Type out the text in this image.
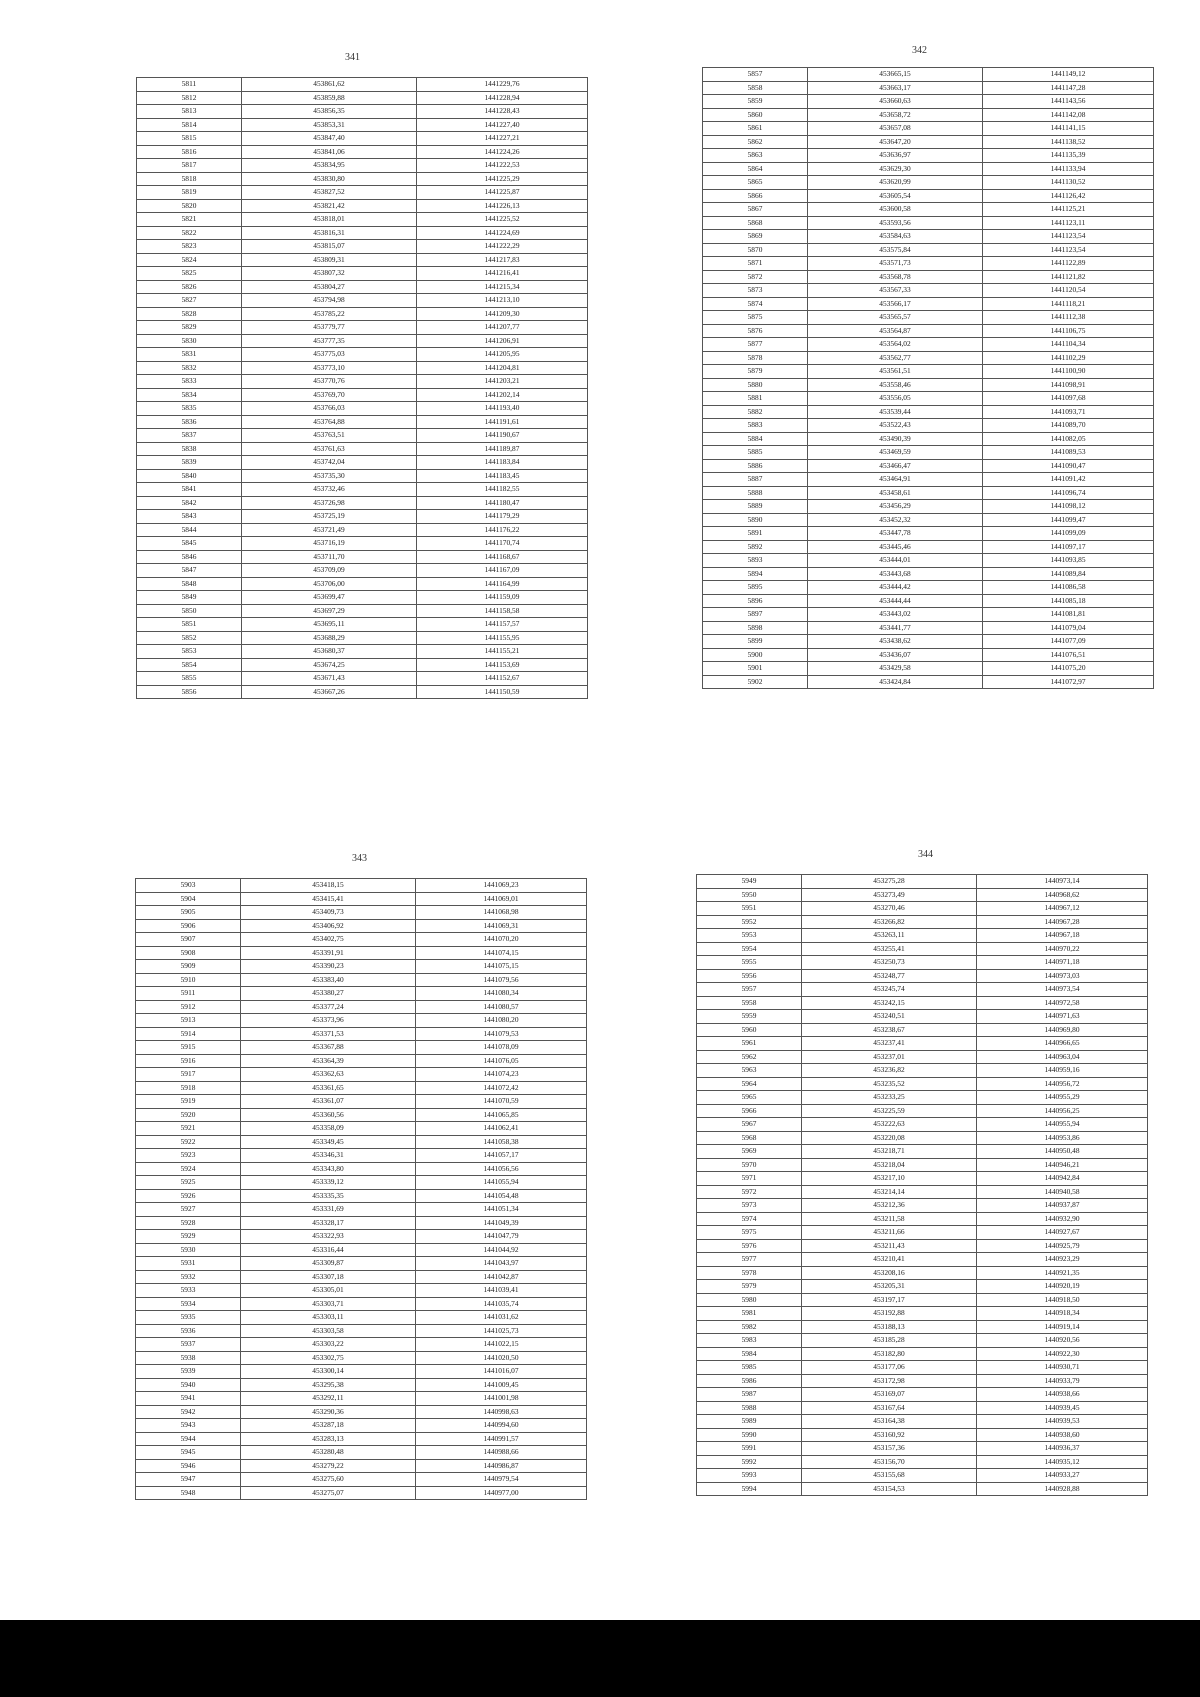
341
5811	453861,62	1441229,76
5812	453859,88	1441228,94
5813	453856,35	1441228,43
5814	453853,31	1441227,40
5815	453847,40	1441227,21
5816	453841,06	1441224,26
5817	453834,95	1441222,53
5818	453830,80	1441225,29
5819	453827,52	1441225,87
5820	453821,42	1441226,13
5821	453818,01	1441225,52
5822	453816,31	1441224,69
5823	453815,07	1441222,29
5824	453809,31	1441217,83
5825	453807,32	1441216,41
5826	453804,27	1441215,34
5827	453794,98	1441213,10
5828	453785,22	1441209,30
5829	453779,77	1441207,77
5830	453777,35	1441206,91
5831	453775,03	1441205,95
5832	453773,10	1441204,81
5833	453770,76	1441203,21
5834	453769,70	1441202,14
5835	453766,03	1441193,40
5836	453764,88	1441191,61
5837	453763,51	1441190,67
5838	453761,63	1441189,87
5839	453742,04	1441183,84
5840	453735,30	1441183,45
5841	453732,46	1441182,55
5842	453726,98	1441180,47
5843	453725,19	1441179,29
5844	453721,49	1441176,22
5845	453716,19	1441170,74
5846	453711,70	1441168,67
5847	453709,09	1441167,09
5848	453706,00	1441164,99
5849	453699,47	1441159,09
5850	453697,29	1441158,58
5851	453695,11	1441157,57
5852	453688,29	1441155,95
5853	453680,37	1441155,21
5854	453674,25	1441153,69
5855	453671,43	1441152,67
5856	453667,26	1441150,59
342
5857	453665,15	1441149,12
5858	453663,17	1441147,28
5859	453660,63	1441143,56
5860	453658,72	1441142,08
5861	453657,08	1441141,15
5862	453647,20	1441138,52
5863	453636,97	1441135,39
5864	453629,30	1441133,94
5865	453620,99	1441130,52
5866	453605,54	1441126,42
5867	453600,58	1441125,21
5868	453593,56	1441123,11
5869	453584,63	1441123,54
5870	453575,84	1441123,54
5871	453571,73	1441122,89
5872	453568,78	1441121,82
5873	453567,33	1441120,54
5874	453566,17	1441118,21
5875	453565,57	1441112,38
5876	453564,87	1441106,75
5877	453564,02	1441104,34
5878	453562,77	1441102,29
5879	453561,51	1441100,90
5880	453558,46	1441098,91
5881	453556,05	1441097,68
5882	453539,44	1441093,71
5883	453522,43	1441089,70
5884	453490,39	1441082,05
5885	453469,59	1441089,53
5886	453466,47	1441090,47
5887	453464,91	1441091,42
5888	453458,61	1441096,74
5889	453456,29	1441098,12
5890	453452,32	1441099,47
5891	453447,78	1441099,09
5892	453445,46	1441097,17
5893	453444,01	1441093,85
5894	453443,68	1441089,84
5895	453444,42	1441086,58
5896	453444,44	1441085,18
5897	453443,02	1441081,81
5898	453441,77	1441079,04
5899	453438,62	1441077,09
5900	453436,07	1441076,51
5901	453429,58	1441075,20
5902	453424,84	1441072,97
343
5903	453418,15	1441069,23
5904	453415,41	1441069,01
5905	453409,73	1441068,98
5906	453406,92	1441069,31
5907	453402,75	1441070,20
5908	453391,91	1441074,15
5909	453390,23	1441075,15
5910	453383,40	1441079,56
5911	453380,27	1441080,34
5912	453377,24	1441080,57
5913	453373,96	1441080,20
5914	453371,53	1441079,53
5915	453367,88	1441078,09
5916	453364,39	1441076,05
5917	453362,63	1441074,23
5918	453361,65	1441072,42
5919	453361,07	1441070,59
5920	453360,56	1441065,85
5921	453358,09	1441062,41
5922	453349,45	1441058,38
5923	453346,31	1441057,17
5924	453343,80	1441056,56
5925	453339,12	1441055,94
5926	453335,35	1441054,48
5927	453331,69	1441051,34
5928	453328,17	1441049,39
5929	453322,93	1441047,79
5930	453316,44	1441044,92
5931	453309,87	1441043,97
5932	453307,18	1441042,87
5933	453305,01	1441039,41
5934	453303,71	1441035,74
5935	453303,11	1441031,62
5936	453303,58	1441025,73
5937	453303,22	1441022,15
5938	453302,75	1441020,50
5939	453300,14	1441016,07
5940	453295,38	1441009,45
5941	453292,11	1441001,98
5942	453290,36	1440998,63
5943	453287,18	1440994,60
5944	453283,13	1440991,57
5945	453280,48	1440988,66
5946	453279,22	1440986,87
5947	453275,60	1440979,54
5948	453275,07	1440977,00
344
5949	453275,28	1440973,14
5950	453273,49	1440968,62
5951	453270,46	1440967,12
5952	453266,82	1440967,28
5953	453263,11	1440967,18
5954	453255,41	1440970,22
5955	453250,73	1440971,18
5956	453248,77	1440973,03
5957	453245,74	1440973,54
5958	453242,15	1440972,58
5959	453240,51	1440971,63
5960	453238,67	1440969,80
5961	453237,41	1440966,65
5962	453237,01	1440963,04
5963	453236,82	1440959,16
5964	453235,52	1440956,72
5965	453233,25	1440955,29
5966	453225,59	1440956,25
5967	453222,63	1440955,94
5968	453220,08	1440953,86
5969	453218,71	1440950,48
5970	453218,04	1440946,21
5971	453217,10	1440942,84
5972	453214,14	1440940,58
5973	453212,36	1440937,87
5974	453211,58	1440932,90
5975	453211,66	1440927,67
5976	453211,43	1440925,79
5977	453210,41	1440923,29
5978	453208,16	1440921,35
5979	453205,31	1440920,19
5980	453197,17	1440918,50
5981	453192,88	1440918,34
5982	453188,13	1440919,14
5983	453185,28	1440920,56
5984	453182,80	1440922,30
5985	453177,06	1440930,71
5986	453172,98	1440933,79
5987	453169,07	1440938,66
5988	453167,64	1440939,45
5989	453164,38	1440939,53
5990	453160,92	1440938,60
5991	453157,36	1440936,37
5992	453156,70	1440935,12
5993	453155,68	1440933,27
5994	453154,53	1440928,88
